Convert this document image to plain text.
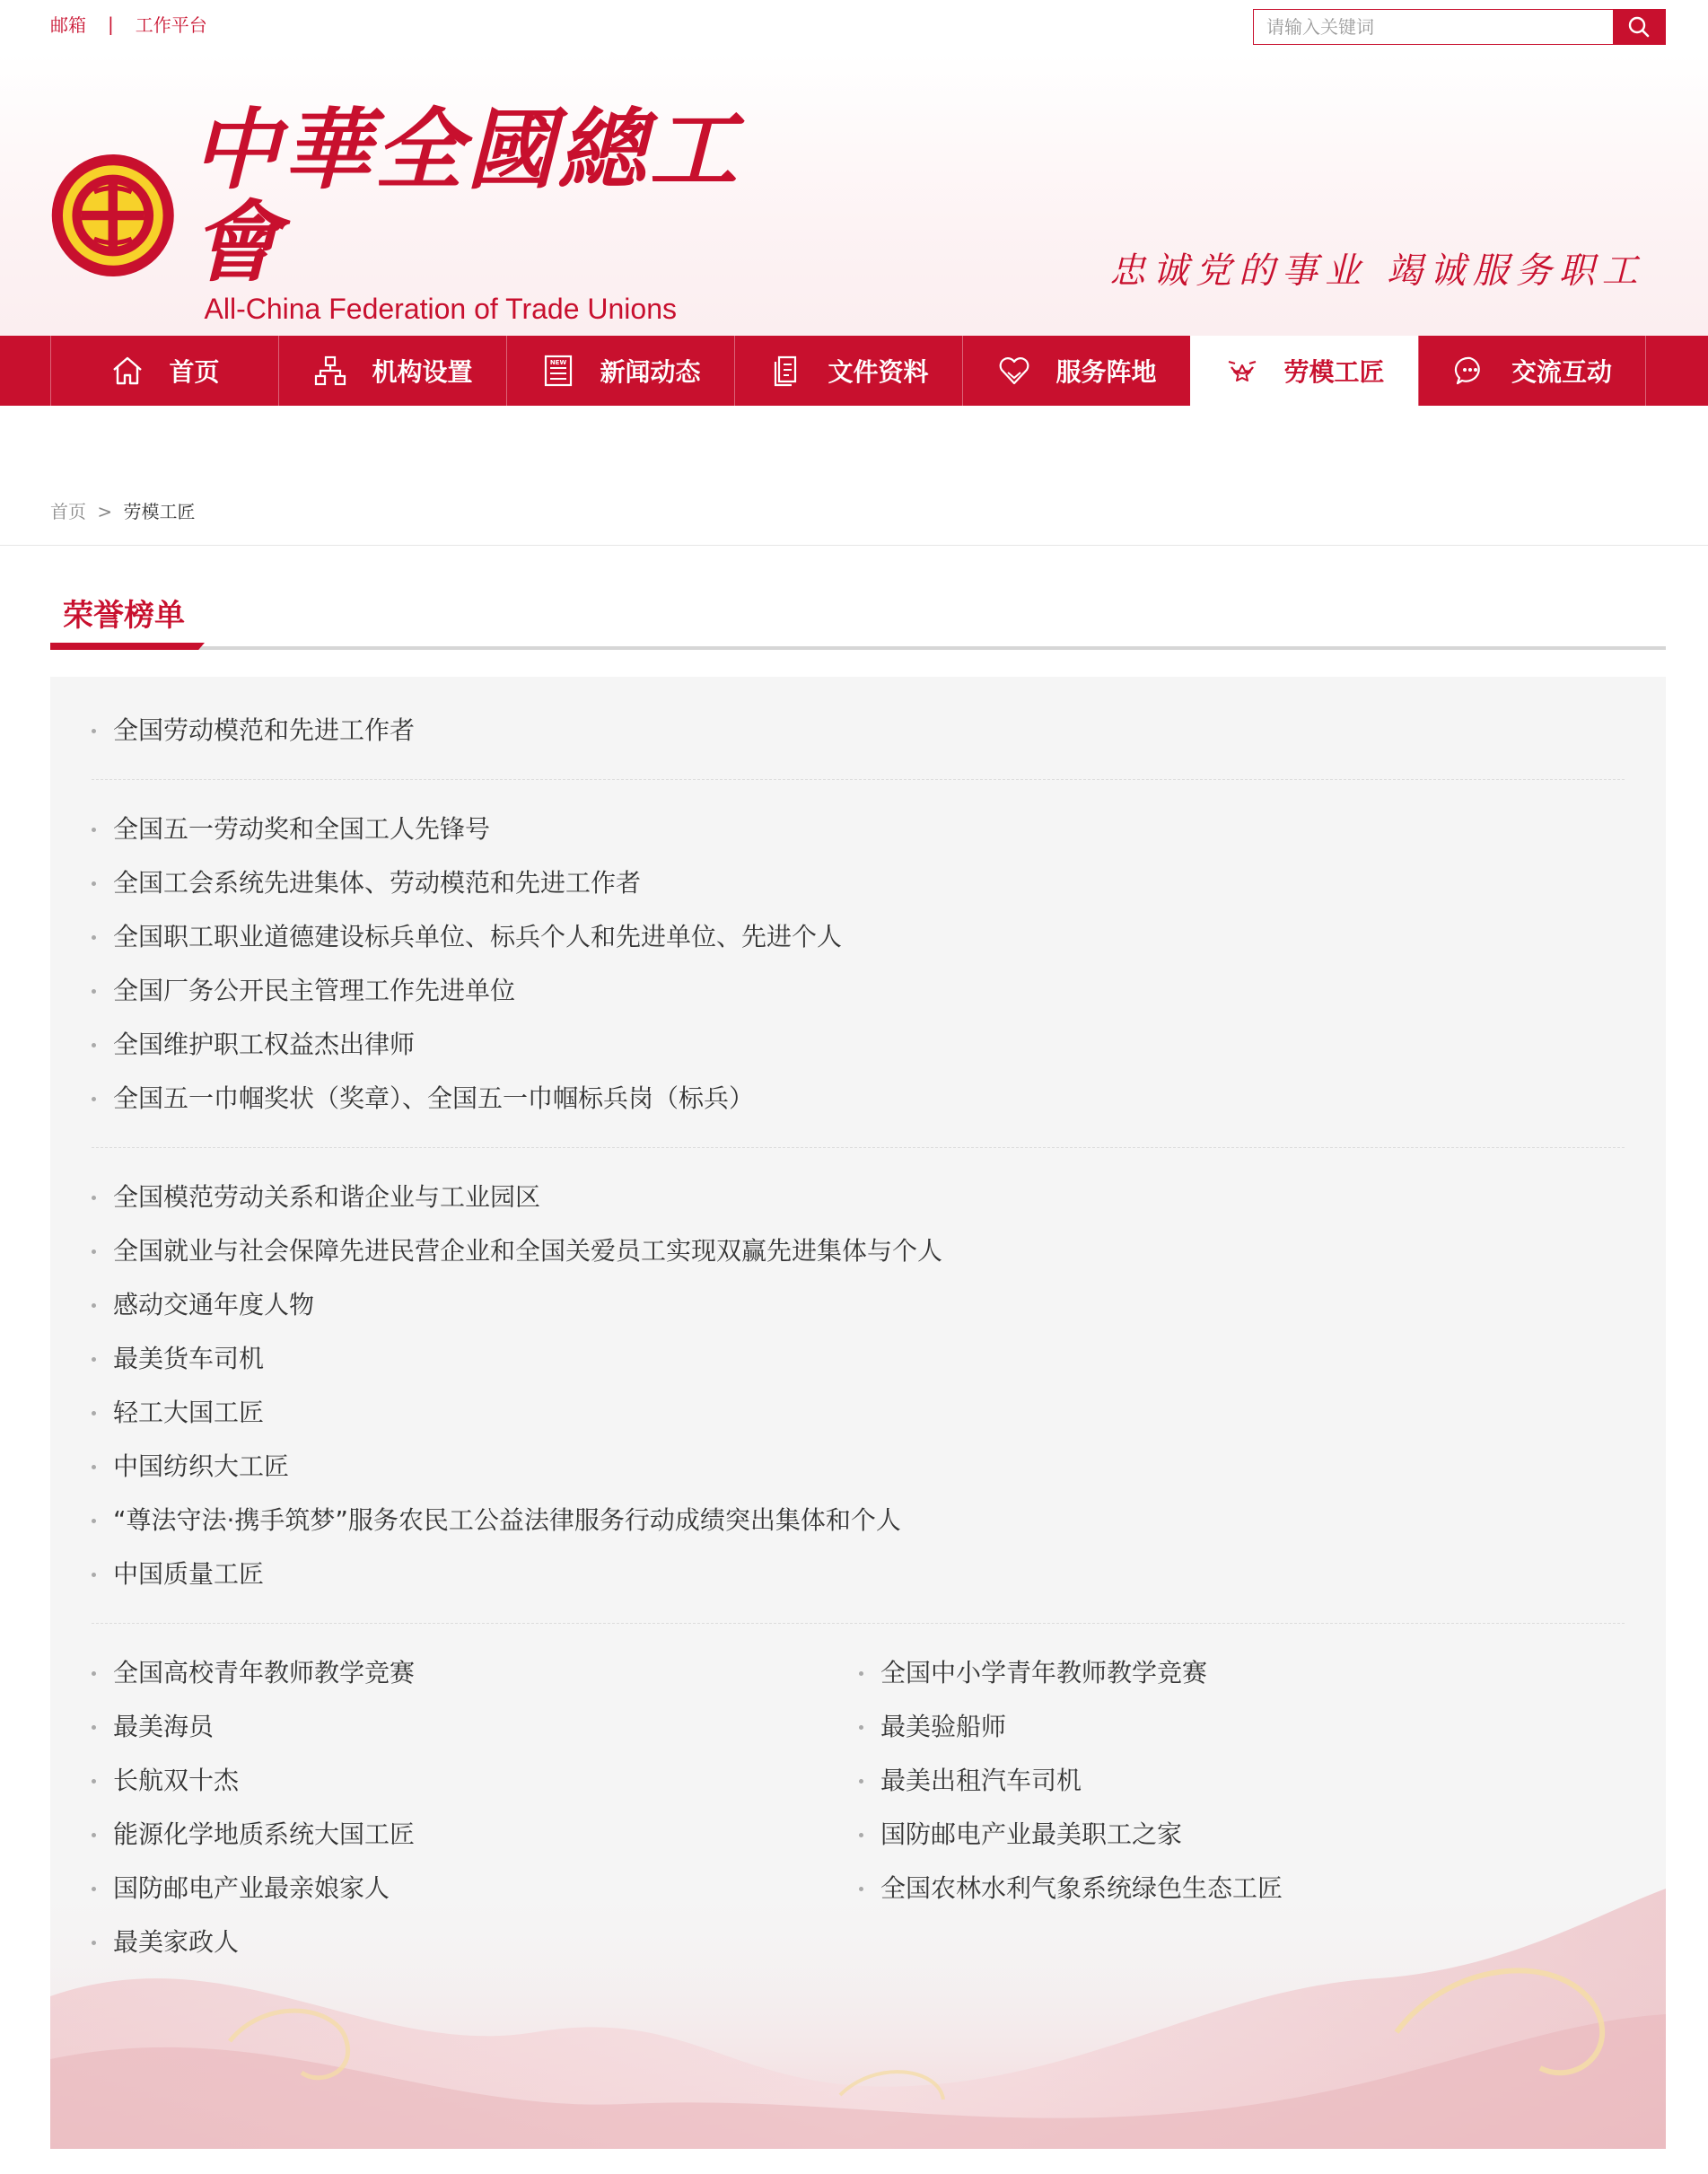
邮箱 | 工作平台
请输入关键词
中華全國總工會
All-China Federation of Trade Unions
忠诚党的事业 竭诚服务职工
首页	机构设置	NEW 新闻动态	文件资料	服务阵地	劳模工匠	交流互动
首页 > 劳模工匠
荣誉榜单
全国劳动模范和先进工作者
全国五一劳动奖和全国工人先锋号
全国工会系统先进集体、劳动模范和先进工作者
全国职工职业道德建设标兵单位、标兵个人和先进单位、先进个人
全国厂务公开民主管理工作先进单位
全国维护职工权益杰出律师
全国五一巾帼奖状（奖章）、全国五一巾帼标兵岗（标兵）
全国模范劳动关系和谐企业与工业园区
全国就业与社会保障先进民营企业和全国关爱员工实现双赢先进集体与个人
感动交通年度人物
最美货车司机
轻工大国工匠
中国纺织大工匠
“尊法守法·携手筑梦”服务农民工公益法律服务行动成绩突出集体和个人
中国质量工匠
全国高校青年教师教学竞赛
最美海员
长航双十杰
能源化学地质系统大国工匠
国防邮电产业最亲娘家人
最美家政人
全国中小学青年教师教学竞赛
最美验船师
最美出租汽车司机
国防邮电产业最美职工之家
全国农林水利气象系统绿色生态工匠
